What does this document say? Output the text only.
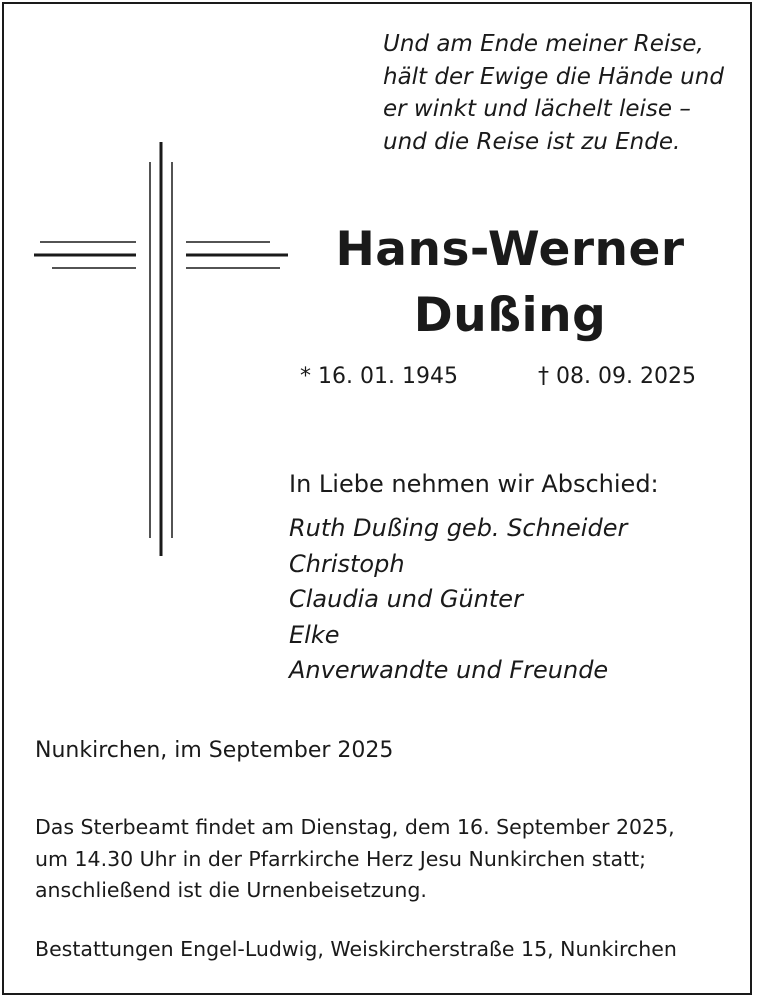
Und am Ende meiner Reise,
hält der Ewige die Hände und
er winkt und lächelt leise –
und die Reise ist zu Ende.
Hans-Werner
Dußing
* 16. 01. 1945	† 08. 09. 2025
In Liebe nehmen wir Abschied:
Ruth Dußing geb. Schneider
Christoph
Claudia und Günter
Elke
Anverwandte und Freunde
Nunkirchen, im September 2025
Das Sterbeamt findet am Dienstag, dem 16. September 2025,
um 14.30 Uhr in der Pfarrkirche Herz Jesu Nunkirchen statt;
anschließend ist die Urnenbeisetzung.
Bestattungen Engel-Ludwig, Weiskircherstraße 15, Nunkirchen
